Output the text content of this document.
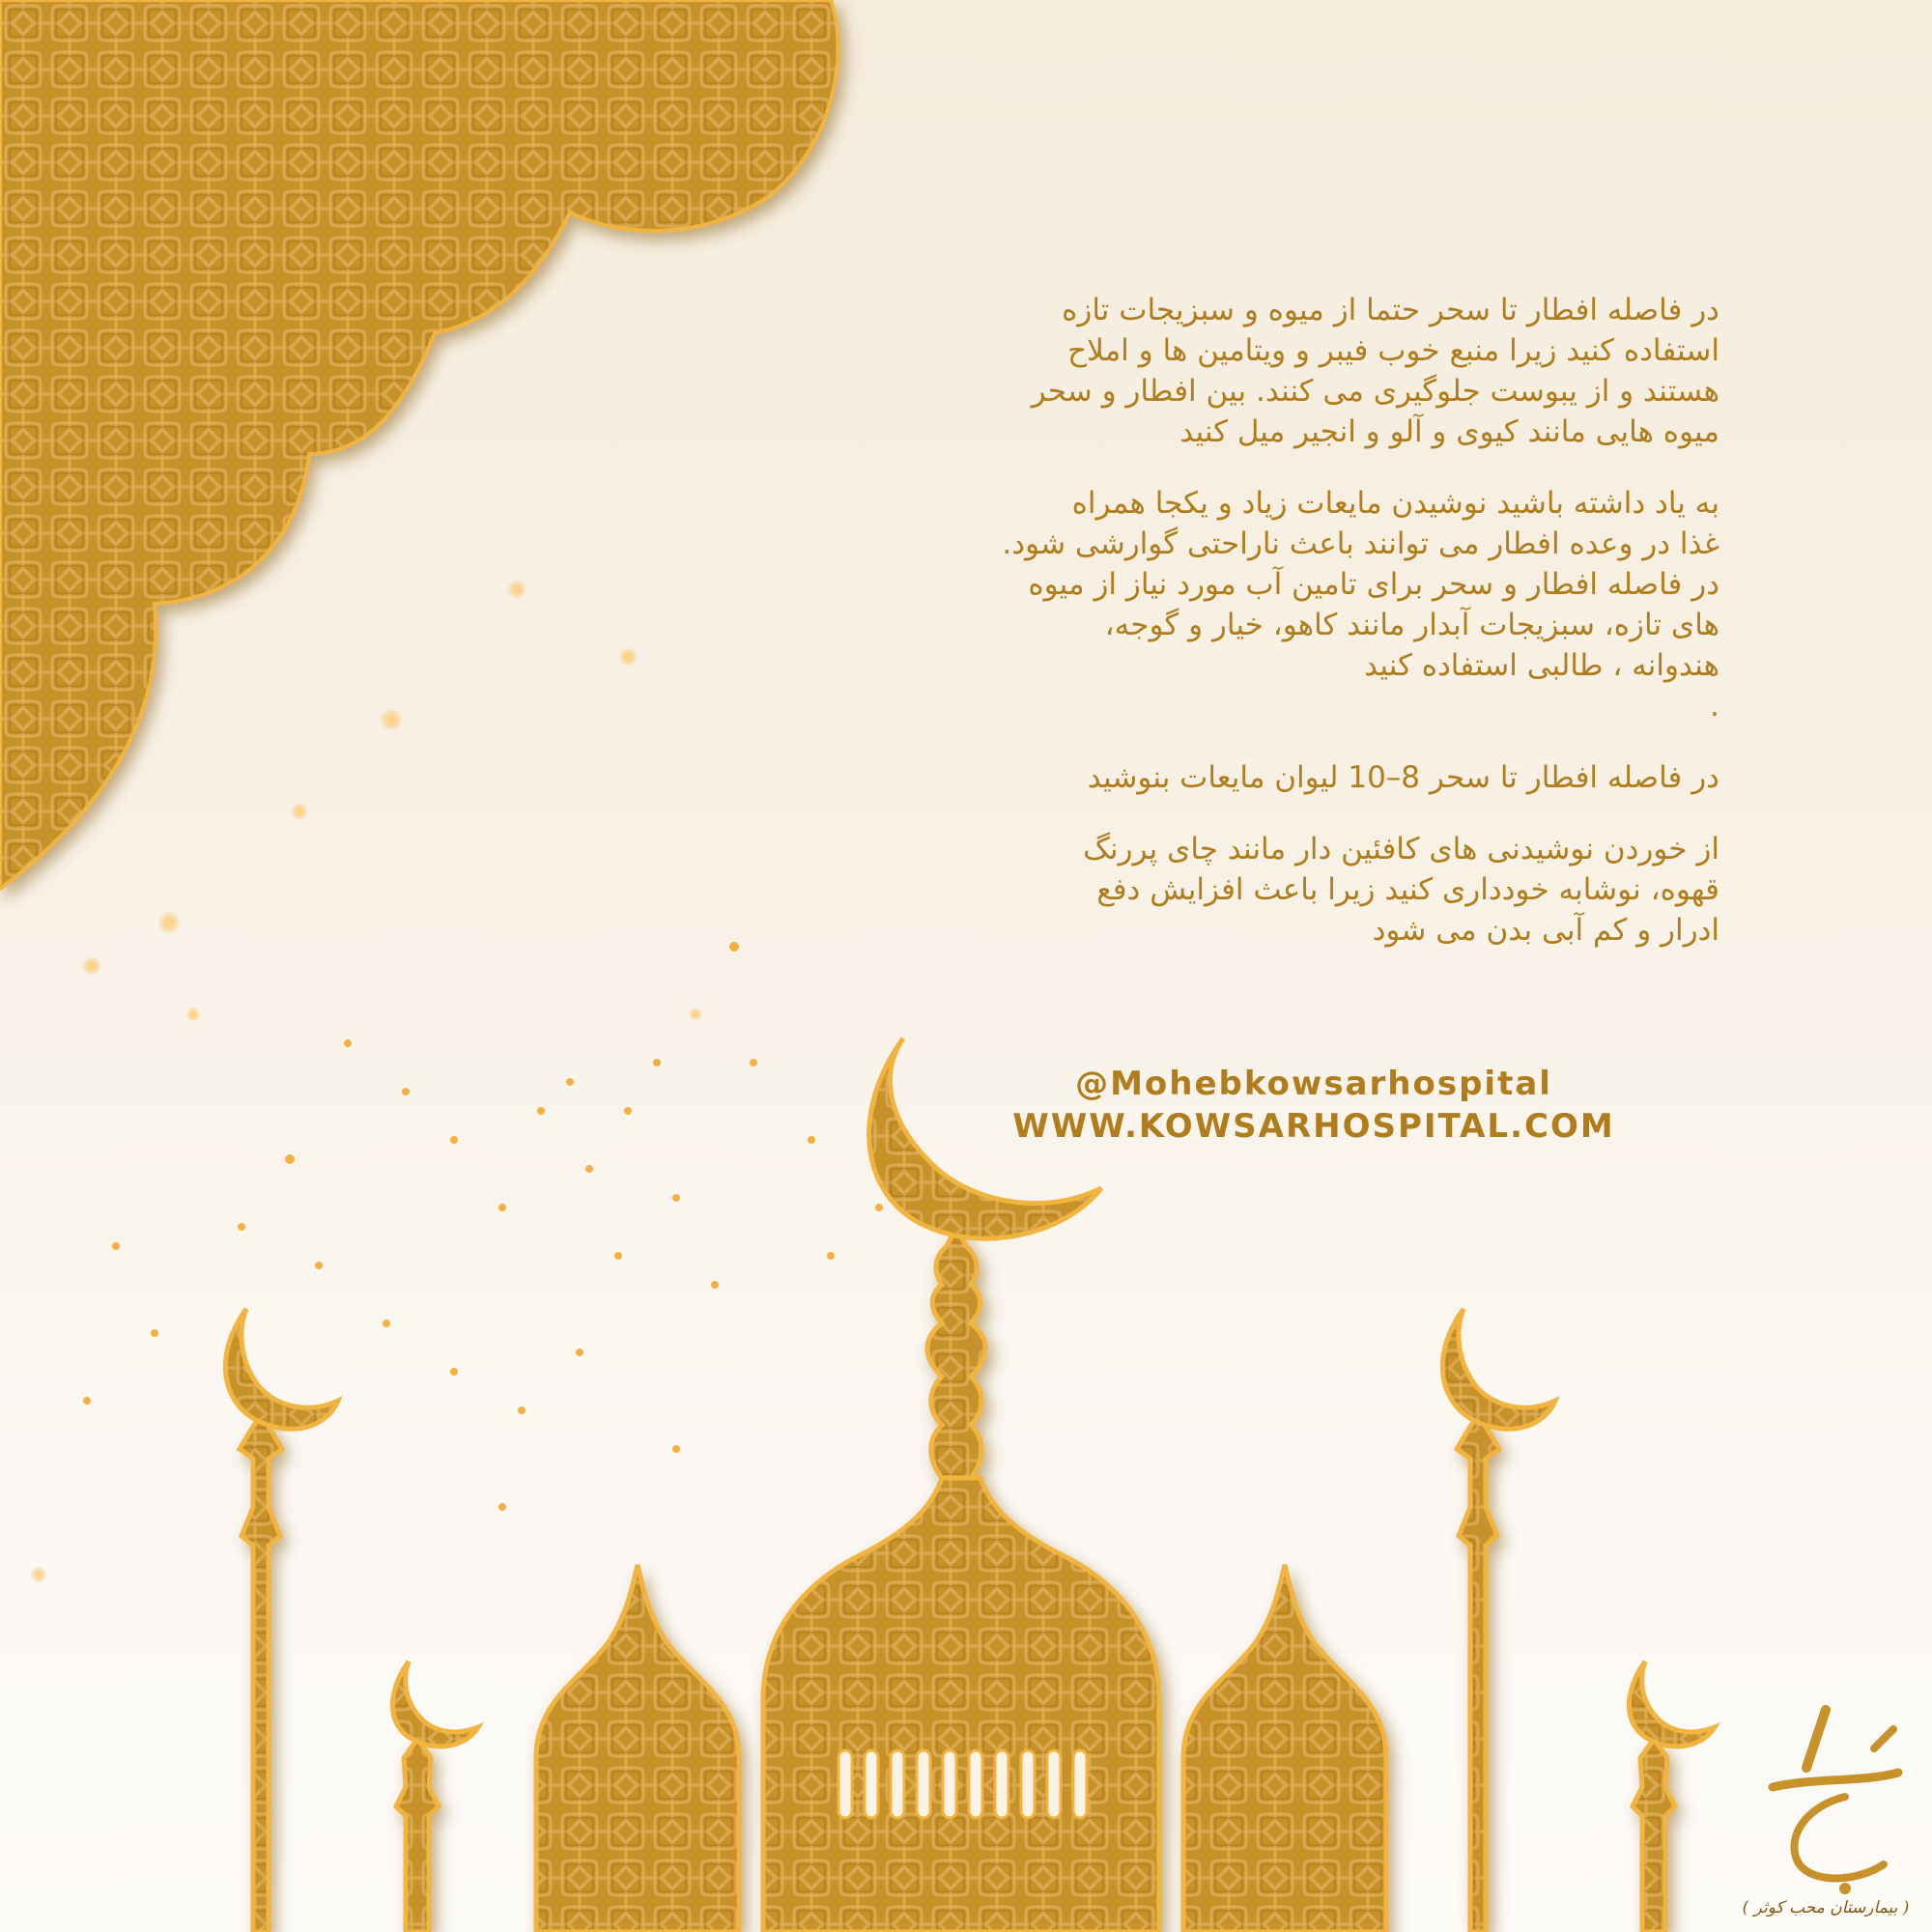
در فاصله افطار تا سحر حتما از میوه و سبزیجات تازه
استفاده کنید زیرا منبع خوب فیبر و ویتامین ها و املاح
هستند و از یبوست جلوگیری می کنند. بین افطار و سحر
میوه هایی مانند کیوی و آلو و انجیر میل کنید

به یاد داشته باشید نوشیدن مایعات زیاد و یکجا همراه
غذا در وعده افطار می توانند باعث ناراحتی گوارشی شود.
در فاصله افطار و سحر برای تامین آب مورد نیاز از میوه
های تازه، سبزیجات آبدار مانند کاهو، خیار و گوجه،
هندوانه ، طالبی استفاده کنید
.

در فاصله افطار تا سحر 8–10 لیوان مایعات بنوشید

از خوردن نوشیدنی های کافئین دار مانند چای پررنگ
قهوه، نوشابه خودداری کنید زیرا باعث افزایش دفع
ادرار و کم آبی بدن می شود

@Mohebkowsarhospital
WWW.KOWSARHOSPITAL.COM
( بیمارستان محب کوثر )
